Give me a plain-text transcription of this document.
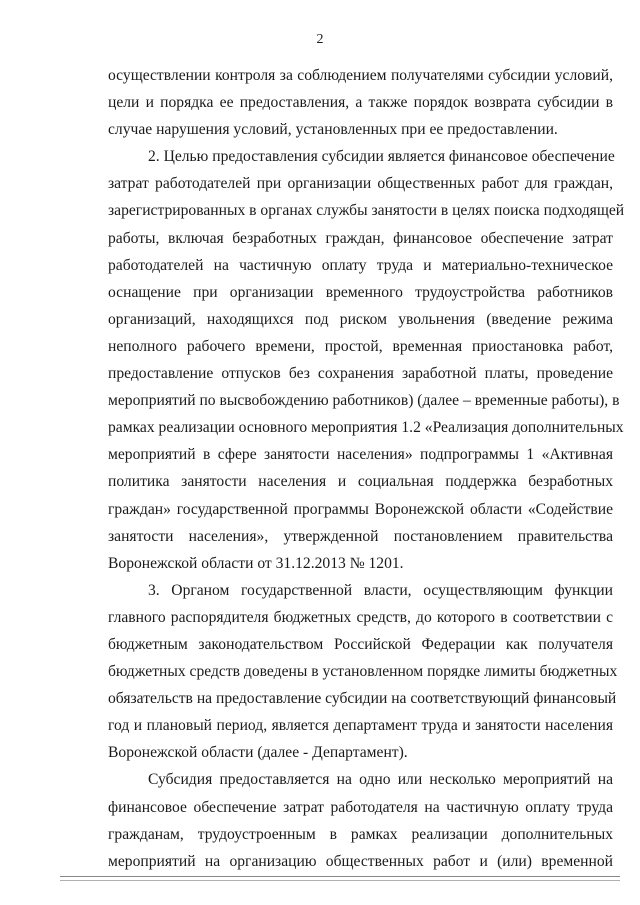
2
осуществлении контроля за соблюдением получателями субсидии условий,
цели и порядка ее предоставления, а также порядок возврата субсидии в
случае нарушения условий, установленных при ее предоставлении.
2. Целью предоставления субсидии является финансовое обеспечение
затрат работодателей при организации общественных работ для граждан,
зарегистрированных в органах службы занятости в целях поиска подходящей
работы, включая безработных граждан, финансовое обеспечение затрат
работодателей на частичную оплату труда и материально-техническое
оснащение при организации временного трудоустройства работников
организаций, находящихся под риском увольнения (введение режима
неполного рабочего времени, простой, временная приостановка работ,
предоставление отпусков без сохранения заработной платы, проведение
мероприятий по высвобождению работников) (далее – временные работы), в
рамках реализации основного мероприятия 1.2 «Реализация дополнительных
мероприятий в сфере занятости населения» подпрограммы 1 «Активная
политика занятости населения и социальная поддержка безработных
граждан» государственной программы Воронежской области «Содействие
занятости населения», утвержденной постановлением правительства
Воронежской области от 31.12.2013 № 1201.
3. Органом государственной власти, осуществляющим функции
главного распорядителя бюджетных средств, до которого в соответствии с
бюджетным законодательством Российской Федерации как получателя
бюджетных средств доведены в установленном порядке лимиты бюджетных
обязательств на предоставление субсидии на соответствующий финансовый
год и плановый период, является департамент труда и занятости населения
Воронежской области (далее - Департамент).
Субсидия предоставляется на одно или несколько мероприятий на
финансовое обеспечение затрат работодателя на частичную оплату труда
гражданам, трудоустроенным в рамках реализации дополнительных
мероприятий на организацию общественных работ и (или) временной
